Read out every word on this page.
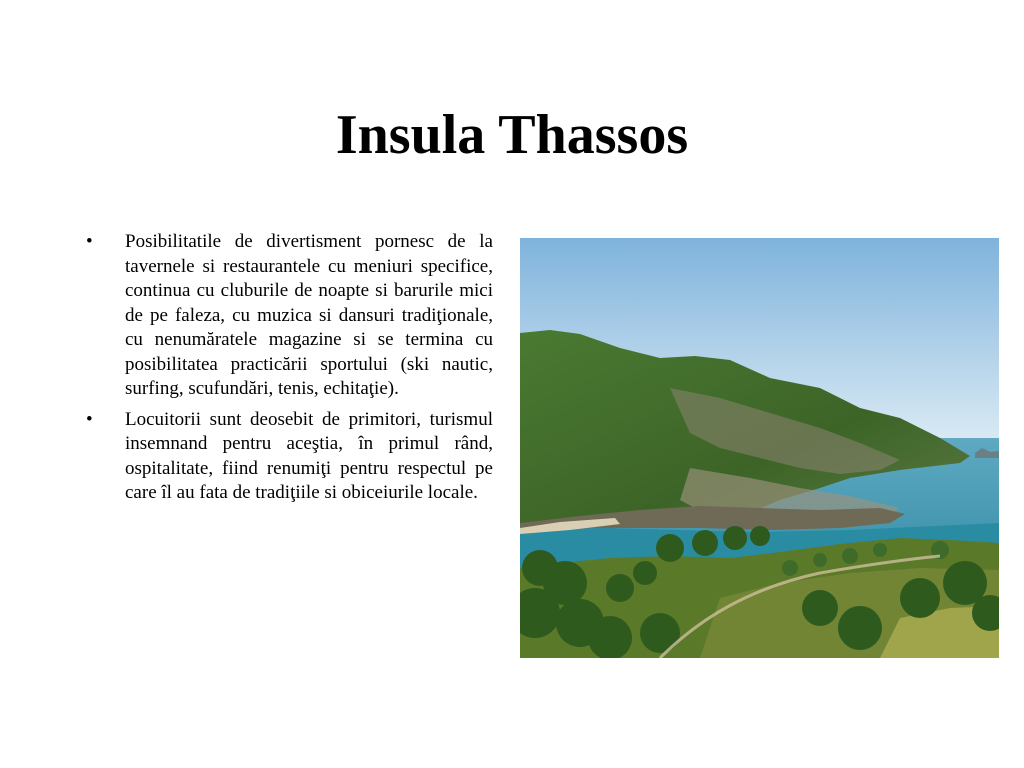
Insula Thassos
•	Posibilitatile de divertisment pornesc de la tavernele si restaurantele cu meniuri specifice, continua cu cluburile de noapte si barurile mici de pe faleza, cu muzica si dansuri tradiţionale, cu nenumăratele magazine si se termina cu posibilitatea practicării sportului (ski nautic, surfing, scufundări, tenis, echitaţie).
•	Locuitorii sunt deosebit de primitori, turismul insemnand pentru aceştia, în primul rând, ospitalitate, fiind renumiţi pentru respectul pe care îl au fata de tradiţiile si obiceiurile locale.
